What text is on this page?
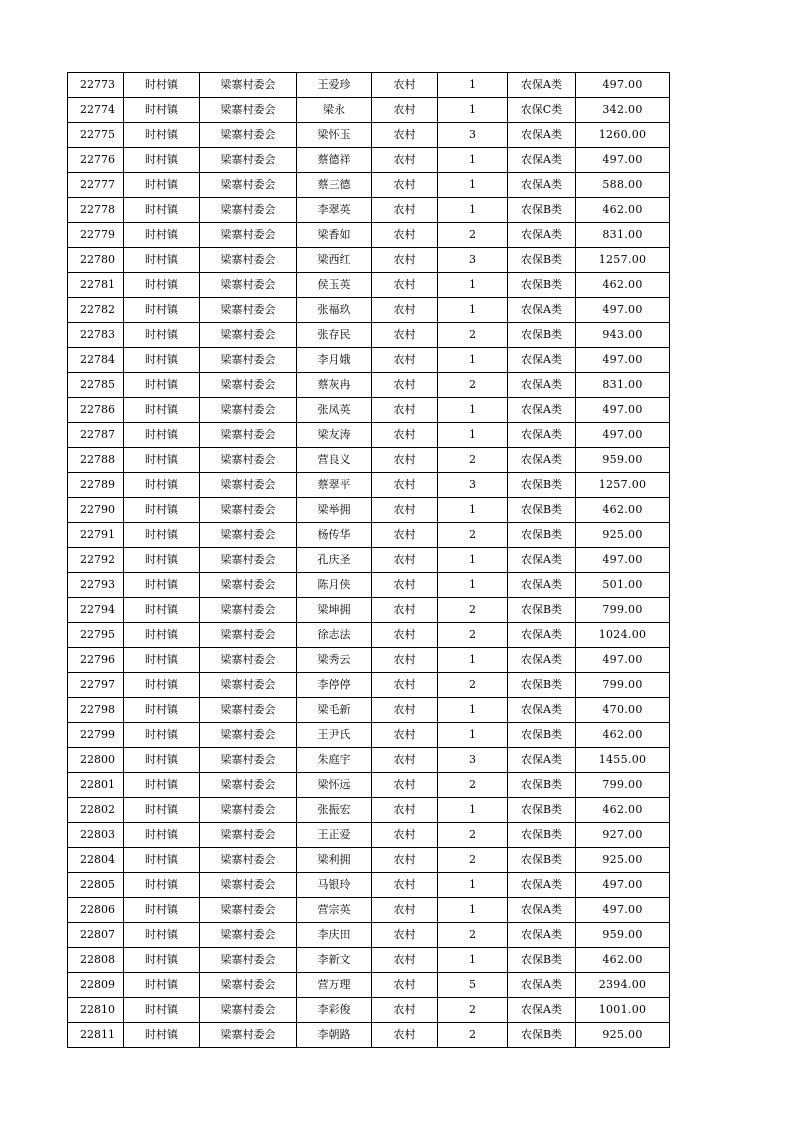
22773	时村镇	梁寨村委会	王爱珍	农村	1	农保A类	497.00
22774	时村镇	梁寨村委会	梁永	农村	1	农保C类	342.00
22775	时村镇	梁寨村委会	梁怀玉	农村	3	农保A类	1260.00
22776	时村镇	梁寨村委会	蔡德祥	农村	1	农保A类	497.00
22777	时村镇	梁寨村委会	蔡三德	农村	1	农保A类	588.00
22778	时村镇	梁寨村委会	李翠英	农村	1	农保B类	462.00
22779	时村镇	梁寨村委会	梁香如	农村	2	农保A类	831.00
22780	时村镇	梁寨村委会	梁西红	农村	3	农保B类	1257.00
22781	时村镇	梁寨村委会	侯玉英	农村	1	农保B类	462.00
22782	时村镇	梁寨村委会	张福玖	农村	1	农保A类	497.00
22783	时村镇	梁寨村委会	张存民	农村	2	农保B类	943.00
22784	时村镇	梁寨村委会	李月娥	农村	1	农保A类	497.00
22785	时村镇	梁寨村委会	蔡灰冉	农村	2	农保A类	831.00
22786	时村镇	梁寨村委会	张凤英	农村	1	农保A类	497.00
22787	时村镇	梁寨村委会	梁友涛	农村	1	农保A类	497.00
22788	时村镇	梁寨村委会	营良义	农村	2	农保A类	959.00
22789	时村镇	梁寨村委会	蔡翠平	农村	3	农保B类	1257.00
22790	时村镇	梁寨村委会	梁举拥	农村	1	农保B类	462.00
22791	时村镇	梁寨村委会	杨传华	农村	2	农保B类	925.00
22792	时村镇	梁寨村委会	孔庆圣	农村	1	农保A类	497.00
22793	时村镇	梁寨村委会	陈月侠	农村	1	农保A类	501.00
22794	时村镇	梁寨村委会	梁坤拥	农村	2	农保B类	799.00
22795	时村镇	梁寨村委会	徐志法	农村	2	农保A类	1024.00
22796	时村镇	梁寨村委会	梁秀云	农村	1	农保A类	497.00
22797	时村镇	梁寨村委会	李停停	农村	2	农保B类	799.00
22798	时村镇	梁寨村委会	梁毛新	农村	1	农保A类	470.00
22799	时村镇	梁寨村委会	王尹氏	农村	1	农保B类	462.00
22800	时村镇	梁寨村委会	朱庭宇	农村	3	农保A类	1455.00
22801	时村镇	梁寨村委会	梁怀远	农村	2	农保B类	799.00
22802	时村镇	梁寨村委会	张振宏	农村	1	农保B类	462.00
22803	时村镇	梁寨村委会	王正爱	农村	2	农保B类	927.00
22804	时村镇	梁寨村委会	梁利拥	农村	2	农保B类	925.00
22805	时村镇	梁寨村委会	马银玲	农村	1	农保A类	497.00
22806	时村镇	梁寨村委会	营宗英	农村	1	农保A类	497.00
22807	时村镇	梁寨村委会	李庆田	农村	2	农保A类	959.00
22808	时村镇	梁寨村委会	李新文	农村	1	农保B类	462.00
22809	时村镇	梁寨村委会	营万理	农村	5	农保A类	2394.00
22810	时村镇	梁寨村委会	李彩俊	农村	2	农保A类	1001.00
22811	时村镇	梁寨村委会	李朝路	农村	2	农保B类	925.00
